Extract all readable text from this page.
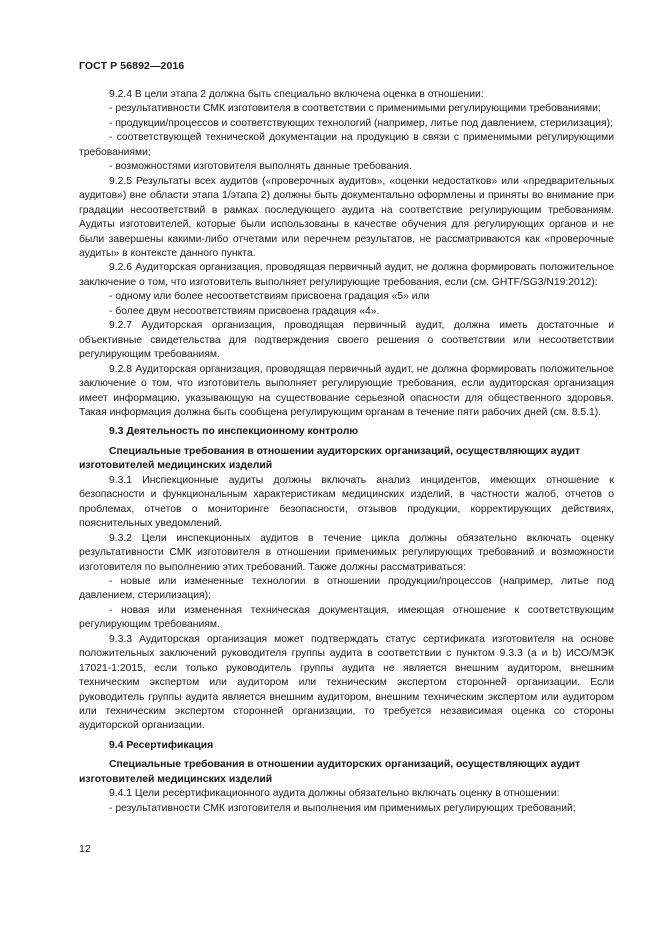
ГОСТ Р 56892—2016

9.2.4 В цели этапа 2 должна быть специально включена оценка в отношении:

- результативности СМК изготовителя в соответствии с применимыми регулирующими требованиями;

- продукции/процессов и соответствующих технологий (например, литье под давлением, стерилизация);

- соответствующей технической документации на продукцию в связи с применимыми регулирующими требованиями;

- возможностями изготовителя выполнять данные требования.

9.2.5 Результаты всех аудитов («проверочных аудитов», «оценки недостатков» или «предварительных аудитов») вне области этапа 1/этапа 2) должны быть документально оформлены и приняты во внимание при градации несоответствий в рамках последующего аудита на соответствие регулирующим требованиям. Аудиты изготовителей, которые были использованы в качестве обучения для регулирующих органов и не были завершены какими-либо отчетами или перечнем результатов, не рассматриваются как «проверочные аудиты» в контексте данного пункта.

9.2.6 Аудиторская организация, проводящая первичный аудит, не должна формировать положительное заключение о том, что изготовитель выполняет регулирующие требования, если (см. GHTF/SG3/N19:2012):

- одному или более несоответствиям присвоена градация «5» или

- более двум несоответствиям присвоена градация «4».

9.2.7 Аудиторская организация, проводящая первичный аудит, должна иметь достаточные и объективные свидетельства для подтверждения своего решения о соответствии или несоответствии регулирующим требованиям.

9.2.8 Аудиторская организация, проводящая первичный аудит, не должна формировать положительное заключение о том, что изготовитель выполняет регулирующие требования, если аудиторская организация имеет информацию, указывающую на существование серьезной опасности для общественного здоровья. Такая информация должна быть сообщена регулирующим органам в течение пяти рабочих дней (см. 8.5.1).

9.3 Деятельность по инспекционному контролю
Специальные требования в отношении аудиторских организаций, осуществляющих аудит изготовителей медицинских изделий

9.3.1 Инспекционные аудиты должны включать анализ инцидентов, имеющих отношение к безопасности и функциональным характеристикам медицинских изделий, в частности жалоб, отчетов о проблемах, отчетов о мониторинге безопасности, отзывов продукции, корректирующих действиях, пояснительных уведомлений.

9.3.2 Цели инспекционных аудитов в течение цикла должны обязательно включать оценку результативности СМК изготовителя в отношении применимых регулирующих требований и возможности изготовителя по выполнению этих требований. Также должны рассматриваться:

- новые или измененные технологии в отношении продукции/процессов (например, литье под давлением, стерилизация);

- новая или измененная техническая документация, имеющая отношение к соответствующим регулирующим требованиям.

9.3.3 Аудиторская организация может подтверждать статус сертификата изготовителя на основе положительных заключений руководителя группы аудита в соответствии с пунктом 9.3.3 (a и b) ИСО/МЭК 17021-1:2015, если только руководитель группы аудита не является внешним аудитором, внешним техническим экспертом или аудитором или техническим экспертом сторонней организации. Если руководитель группы аудита является внешним аудитором, внешним техническим экспертом или аудитором или техническим экспертом сторонней организации, то требуется независимая оценка со стороны аудиторской организации.

9.4 Ресертификация
Специальные требования в отношении аудиторских организаций, осуществляющих аудит изготовителей медицинских изделий

9.4.1 Цели ресертификационного аудита должны обязательно включать оценку в отношении:

- результативности СМК изготовителя и выполнения им применимых регулирующих требований;

12
